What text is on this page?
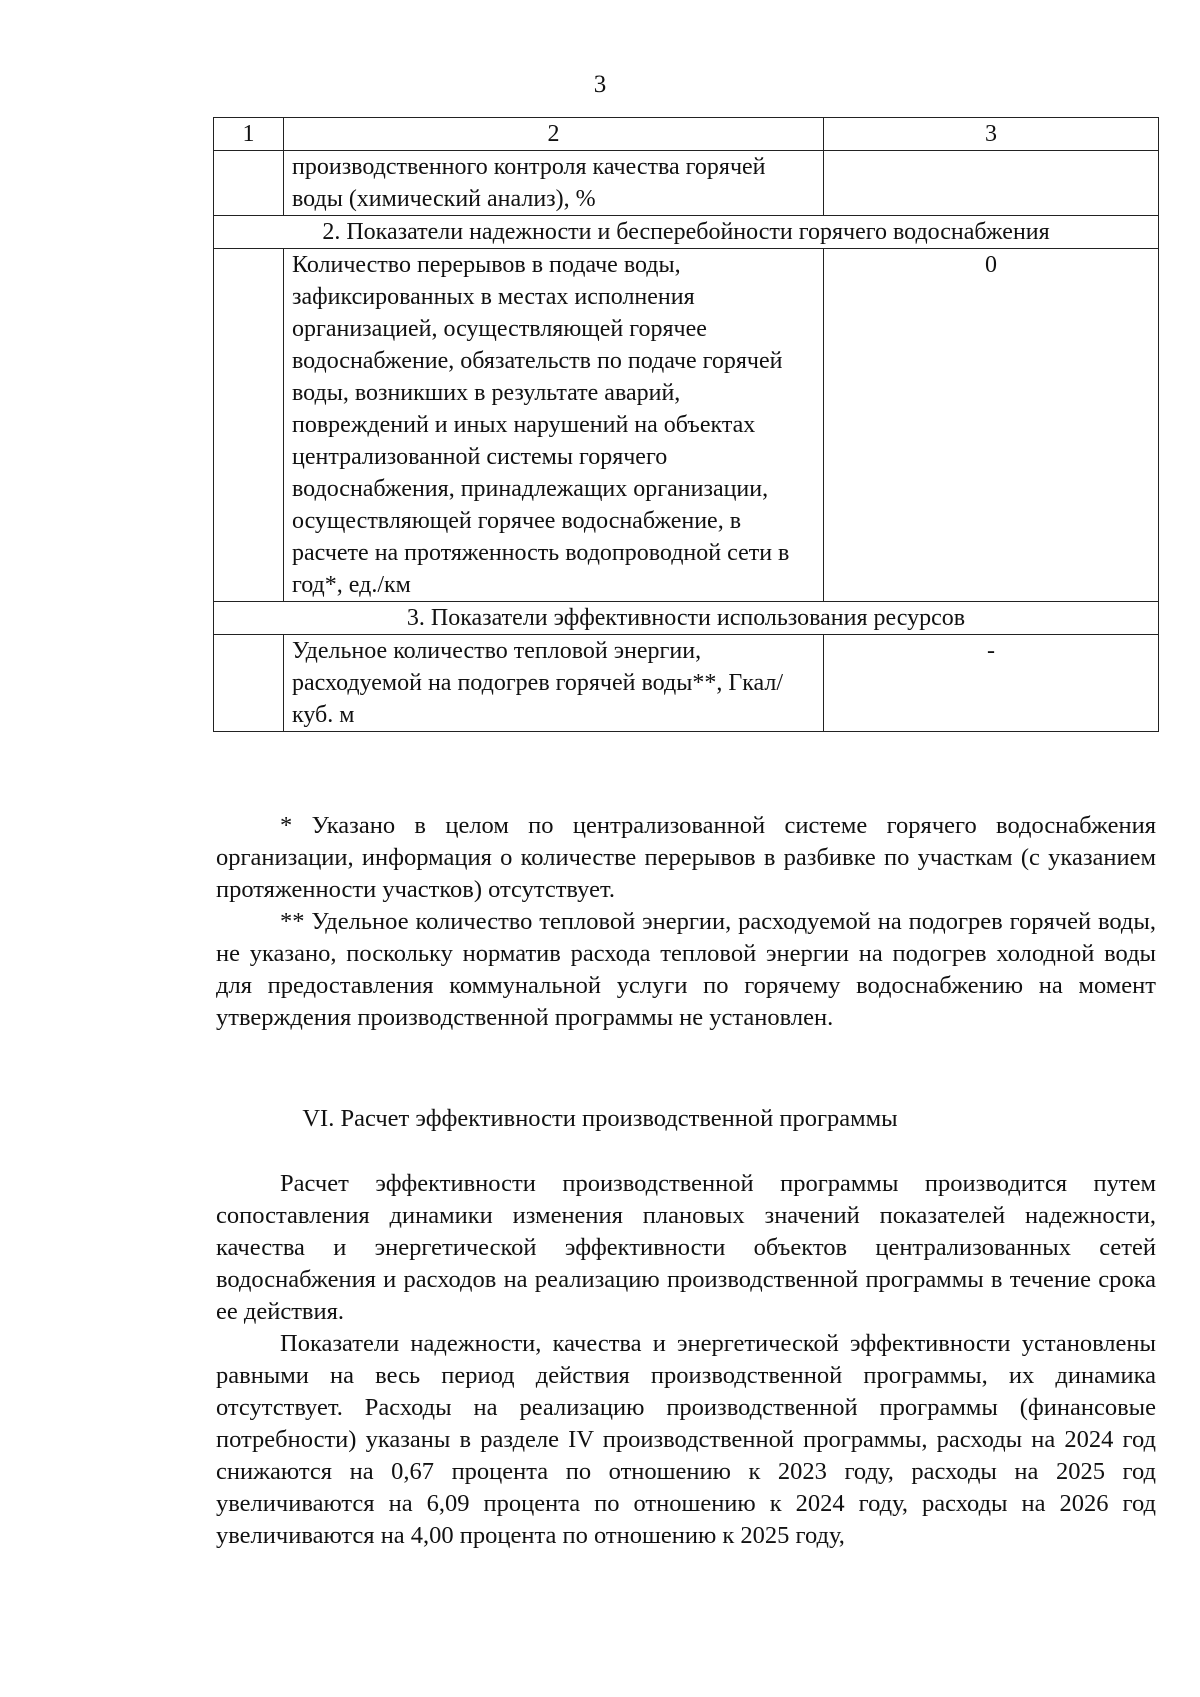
3
1	2	3
	производственного контроля качества горячей воды (химический анализ), %	
2. Показатели надежности и бесперебойности горячего водоснабжения		
	Количество перерывов в подаче воды, зафиксированных в местах исполнения организацией, осуществляющей горячее водоснабжение, обязательств по подаче горячей воды, возникших в результате аварий, повреждений и иных нарушений на объектах централизованной системы горячего водоснабжения, принадлежащих организации, осуществляющей горячее водоснабжение, в расчете на протяженность водопроводной сети в год*, ед./км	0
3. Показатели эффективности использования ресурсов		
	Удельное количество тепловой энергии, расходуемой на подогрев горячей воды**, Гкал/ куб. м	-

* Указано в целом по централизованной системе горячего водоснабжения организации, информация о количестве перерывов в разбивке по участкам (с указанием протяженности участков) отсутствует.

** Удельное количество тепловой энергии, расходуемой на подогрев горячей воды, не указано, поскольку норматив расхода тепловой энергии на подогрев холодной воды для предоставления коммунальной услуги по горячему водоснабжению на момент утверждения производственной программы не установлен.

VI. Расчет эффективности производственной программы

Расчет эффективности производственной программы производится путем сопоставления динамики изменения плановых значений показателей надежности, качества и энергетической эффективности объектов централизованных сетей водоснабжения и расходов на реализацию производственной программы в течение срока ее действия.

Показатели надежности, качества и энергетической эффективности установлены равными на весь период действия производственной программы, их динамика отсутствует. Расходы на реализацию производственной программы (финансовые потребности) указаны в разделе IV производственной программы, расходы на 2024 год снижаются на 0,67 процента по отношению к 2023 году, расходы на 2025 год увеличиваются на 6,09 процента по отношению к 2024 году, расходы на 2026 год увеличиваются на 4,00 процента по отношению к 2025 году,
